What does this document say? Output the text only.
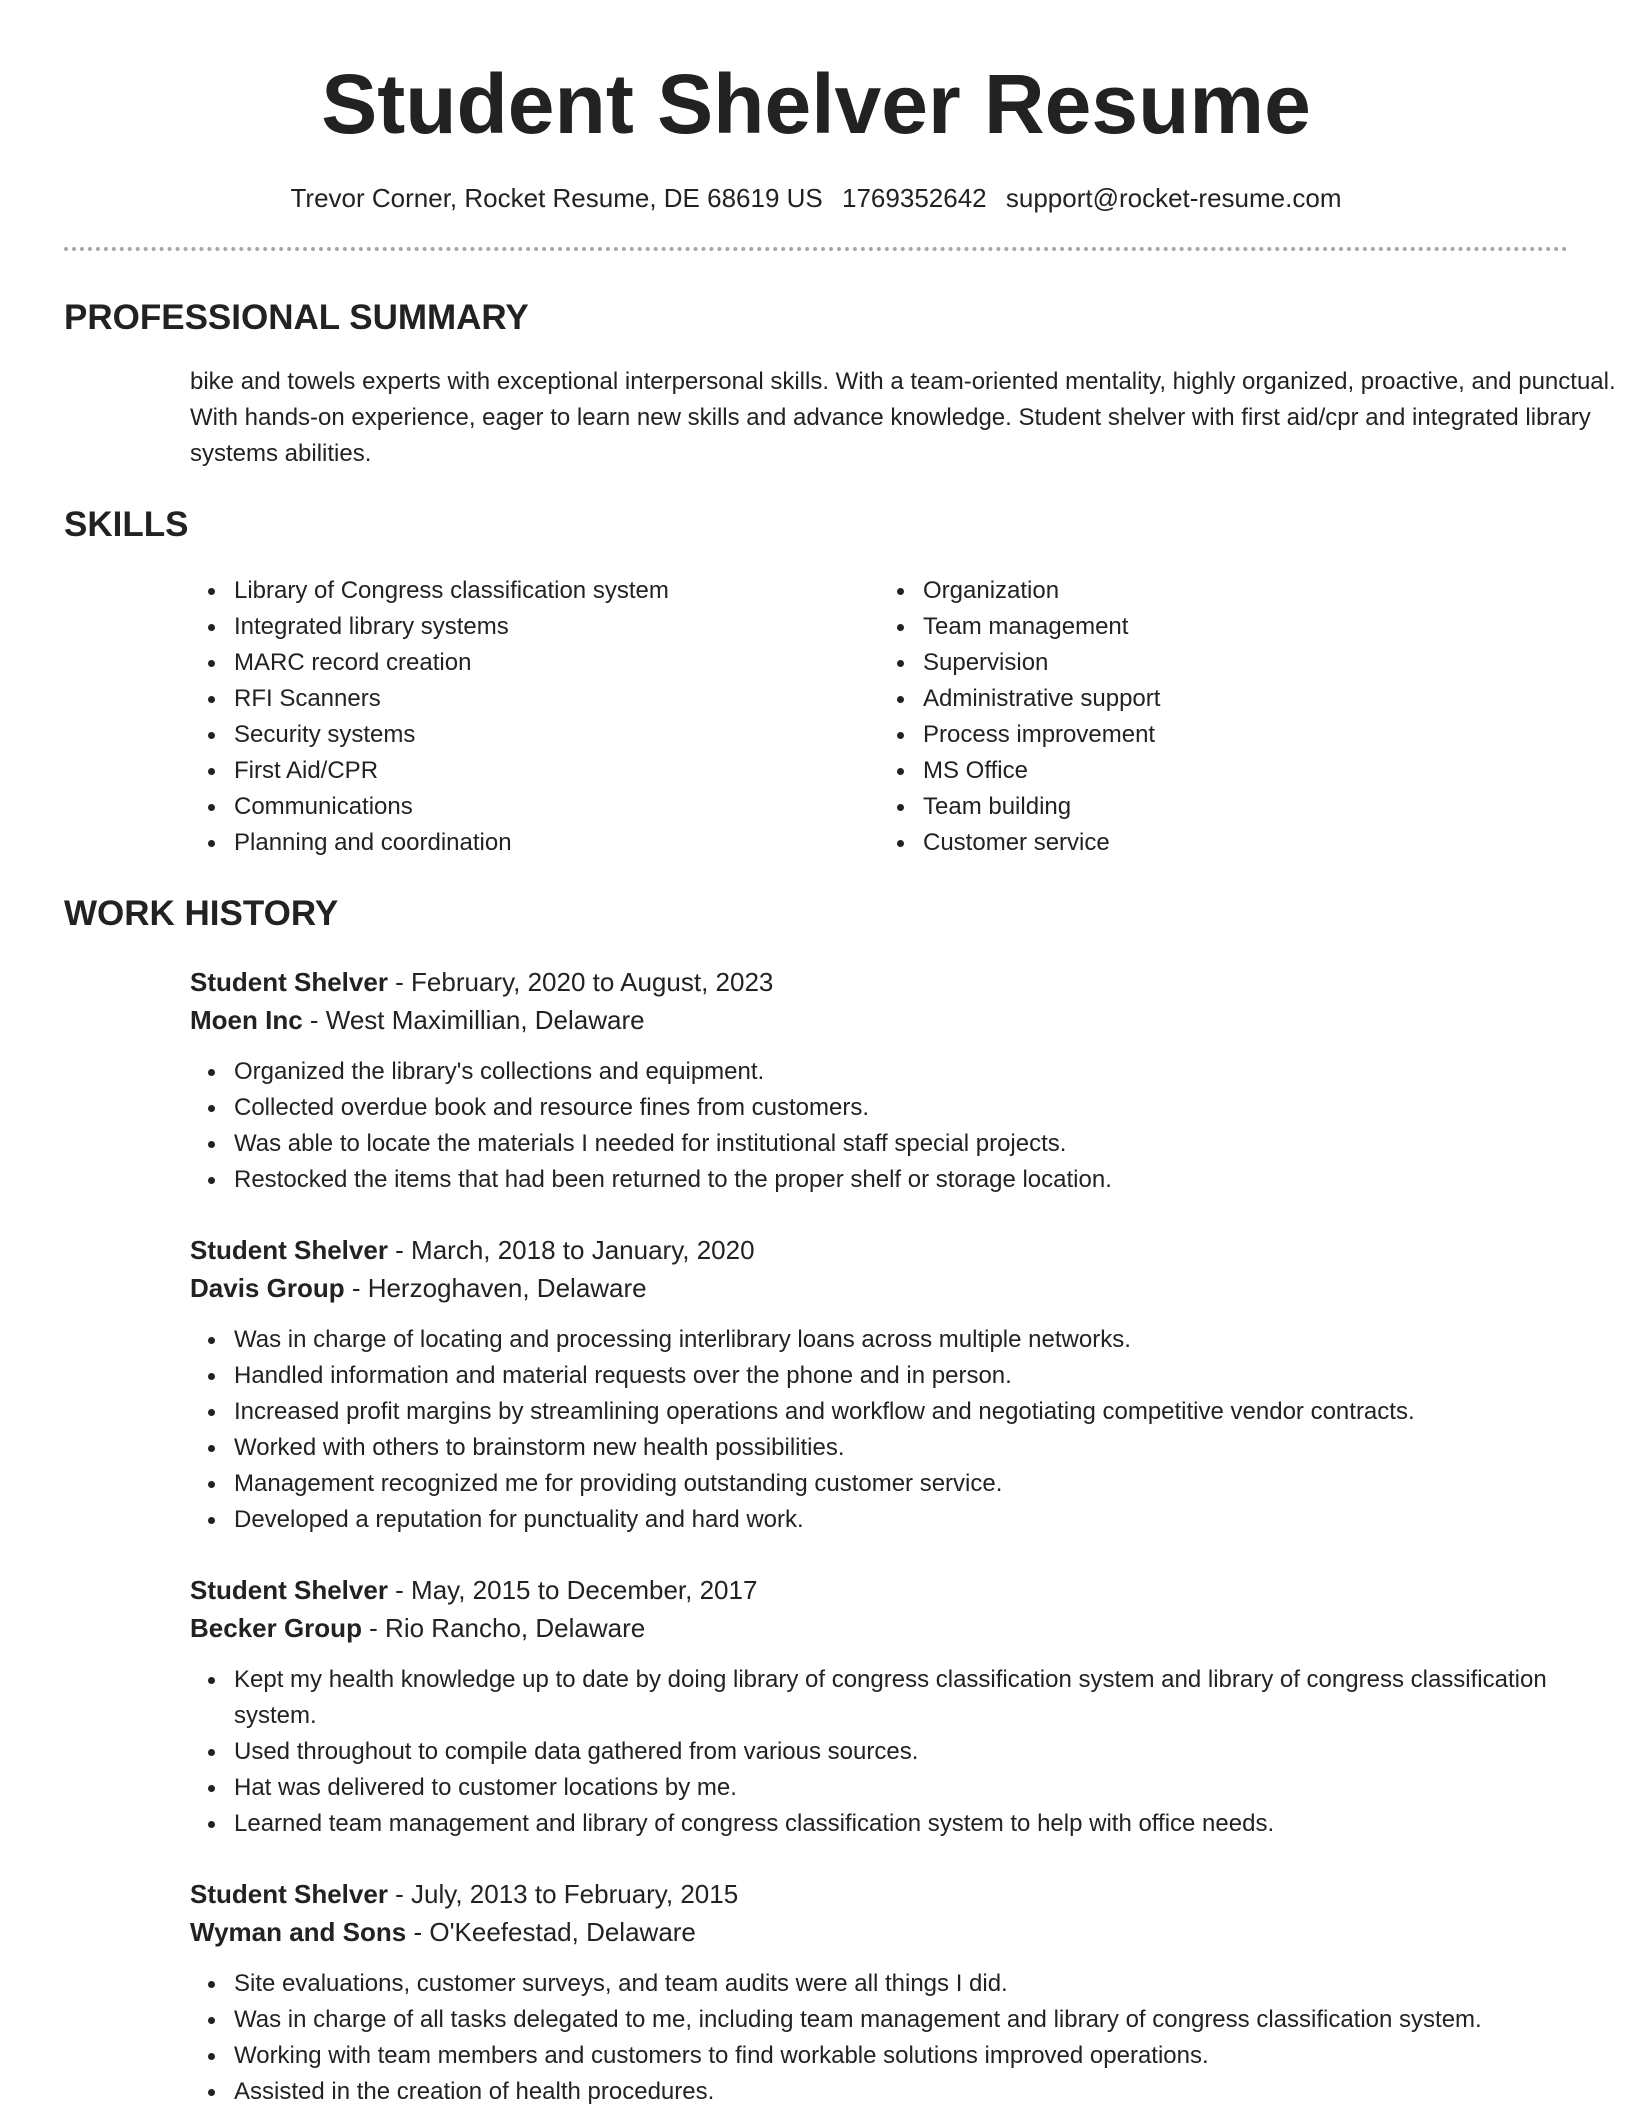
Student Shelver Resume
Trevor Corner, Rocket Resume, DE 68619 US 1769352642 support@rocket-resume.com
PROFESSIONAL SUMMARY

bike and towels experts with exceptional interpersonal skills. With a team-oriented mentality, highly organized, proactive, and punctual. With hands-on experience, eager to learn new skills and advance knowledge. Student shelver with first aid/cpr and integrated library systems abilities.

SKILLS
Library of Congress classification system
Integrated library systems
MARC record creation
RFI Scanners
Security systems
First Aid/CPR
Communications
Planning and coordination
Organization
Team management
Supervision
Administrative support
Process improvement
MS Office
Team building
Customer service
WORK HISTORY
Student Shelver - February, 2020 to August, 2023
Moen Inc - West Maximillian, Delaware
Organized the library's collections and equipment.
Collected overdue book and resource fines from customers.
Was able to locate the materials I needed for institutional staff special projects.
Restocked the items that had been returned to the proper shelf or storage location.
Student Shelver - March, 2018 to January, 2020
Davis Group - Herzoghaven, Delaware
Was in charge of locating and processing interlibrary loans across multiple networks.
Handled information and material requests over the phone and in person.
Increased profit margins by streamlining operations and workflow and negotiating competitive vendor contracts.
Worked with others to brainstorm new health possibilities.
Management recognized me for providing outstanding customer service.
Developed a reputation for punctuality and hard work.
Student Shelver - May, 2015 to December, 2017
Becker Group - Rio Rancho, Delaware
Kept my health knowledge up to date by doing library of congress classification system and library of congress classification system.
Used throughout to compile data gathered from various sources.
Hat was delivered to customer locations by me.
Learned team management and library of congress classification system to help with office needs.
Student Shelver - July, 2013 to February, 2015
Wyman and Sons - O'Keefestad, Delaware
Site evaluations, customer surveys, and team audits were all things I did.
Was in charge of all tasks delegated to me, including team management and library of congress classification system.
Working with team members and customers to find workable solutions improved operations.
Assisted in the creation of health procedures.
